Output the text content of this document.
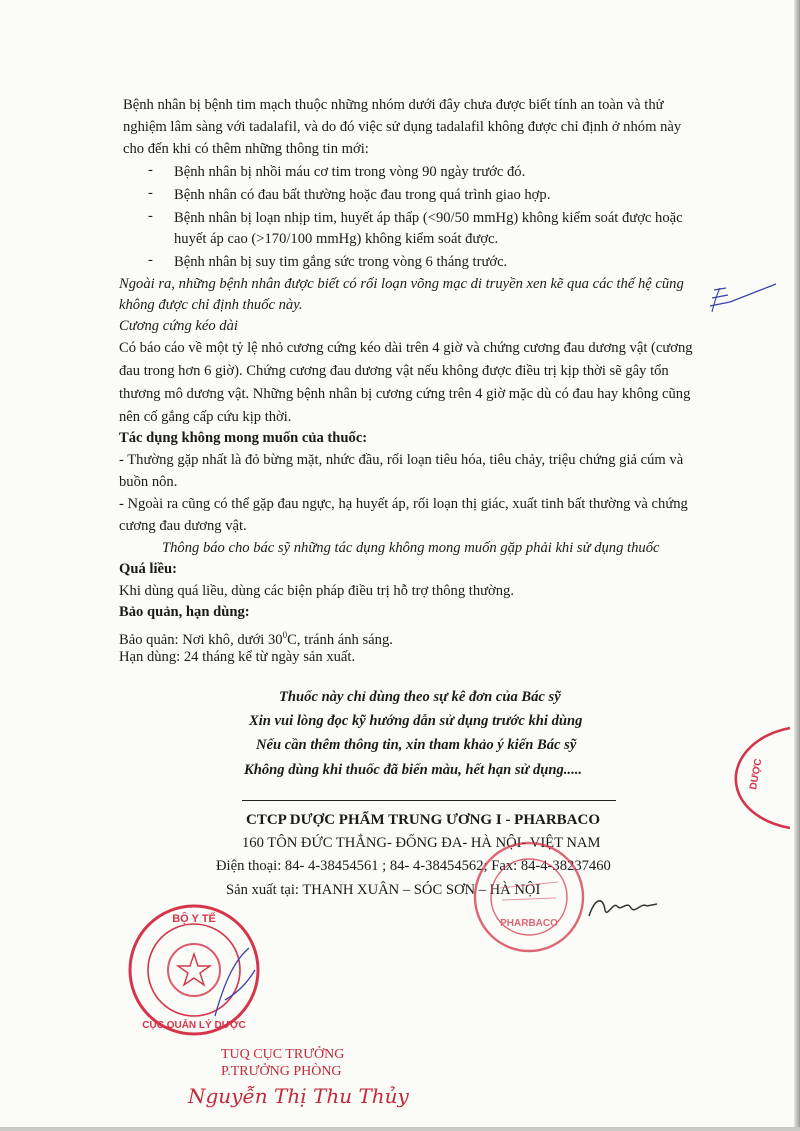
Bệnh nhân bị bệnh tim mạch thuộc những nhóm dưới đây chưa được biết tính an toàn và thử
nghiệm lâm sàng với tadalafil, và do đó việc sử dụng tadalafil không được chỉ định ở nhóm này
cho đến khi có thêm những thông tin mới:
- Bệnh nhân bị nhồi máu cơ tim trong vòng 90 ngày trước đó.
- Bệnh nhân có đau bất thường hoặc đau trong quá trình giao hợp.
- Bệnh nhân bị loạn nhịp tim, huyết áp thấp (<90/50 mmHg) không kiểm soát được hoặc
huyết áp cao (>170/100 mmHg) không kiểm soát được.
- Bệnh nhân bị suy tim gắng sức trong vòng 6 tháng trước.
Ngoài ra, những bệnh nhân được biết có rối loạn võng mạc di truyền xen kẽ qua các thế hệ cũng
không được chỉ định thuốc này.
Cương cứng kéo dài
Có báo cáo về một tỷ lệ nhỏ cương cứng kéo dài trên 4 giờ và chứng cương đau dương vật (cương
đau trong hơn 6 giờ). Chứng cương đau dương vật nếu không được điều trị kịp thời sẽ gây tổn
thương mô dương vật. Những bệnh nhân bị cương cứng trên 4 giờ mặc dù có đau hay không cũng
nên cố gắng cấp cứu kịp thời.
Tác dụng không mong muốn của thuốc:
- Thường gặp nhất là đỏ bừng mặt, nhức đầu, rối loạn tiêu hóa, tiêu chảy, triệu chứng giả cúm và
buồn nôn.
- Ngoài ra cũng có thể gặp đau ngực, hạ huyết áp, rối loạn thị giác, xuất tinh bất thường và chứng
cương đau dương vật.
Thông báo cho bác sỹ những tác dụng không mong muốn gặp phải khi sử dụng thuốc
Quá liều:
Khi dùng quá liều, dùng các biện pháp điều trị hỗ trợ thông thường.
Bảo quản, hạn dùng:
Bảo quản: Nơi khô, dưới $30^0C$, tránh ánh sáng.
Hạn dùng: 24 tháng kể từ ngày sản xuất.
Thuốc này chỉ dùng theo sự kê đơn của Bác sỹ
Xin vui lòng đọc kỹ hướng dẫn sử dụng trước khi dùng
Nếu cần thêm thông tin, xin tham khảo ý kiến Bác sỹ
Không dùng khi thuốc đã biến màu, hết hạn sử dụng.....
CTCP DƯỢC PHẨM TRUNG ƯƠNG I - PHARBACO
160 TÔN ĐỨC THẮNG- ĐỐNG ĐA- HÀ NỘI- VIỆT NAM
Điện thoại: 84- 4-38454561 ; 84- 4-38454562; Fax: 84-4-38237460
Sản xuất tại: THANH XUÂN – SÓC SƠN – HÀ NỘI
PHARBACO
BỘ Y TẾ
CỤC QUẢN LÝ DƯỢC
DƯỢC
TUQ CỤC TRƯỞNG
P.TRƯỞNG PHÒNG
Nguyễn Thị Thu Thủy
